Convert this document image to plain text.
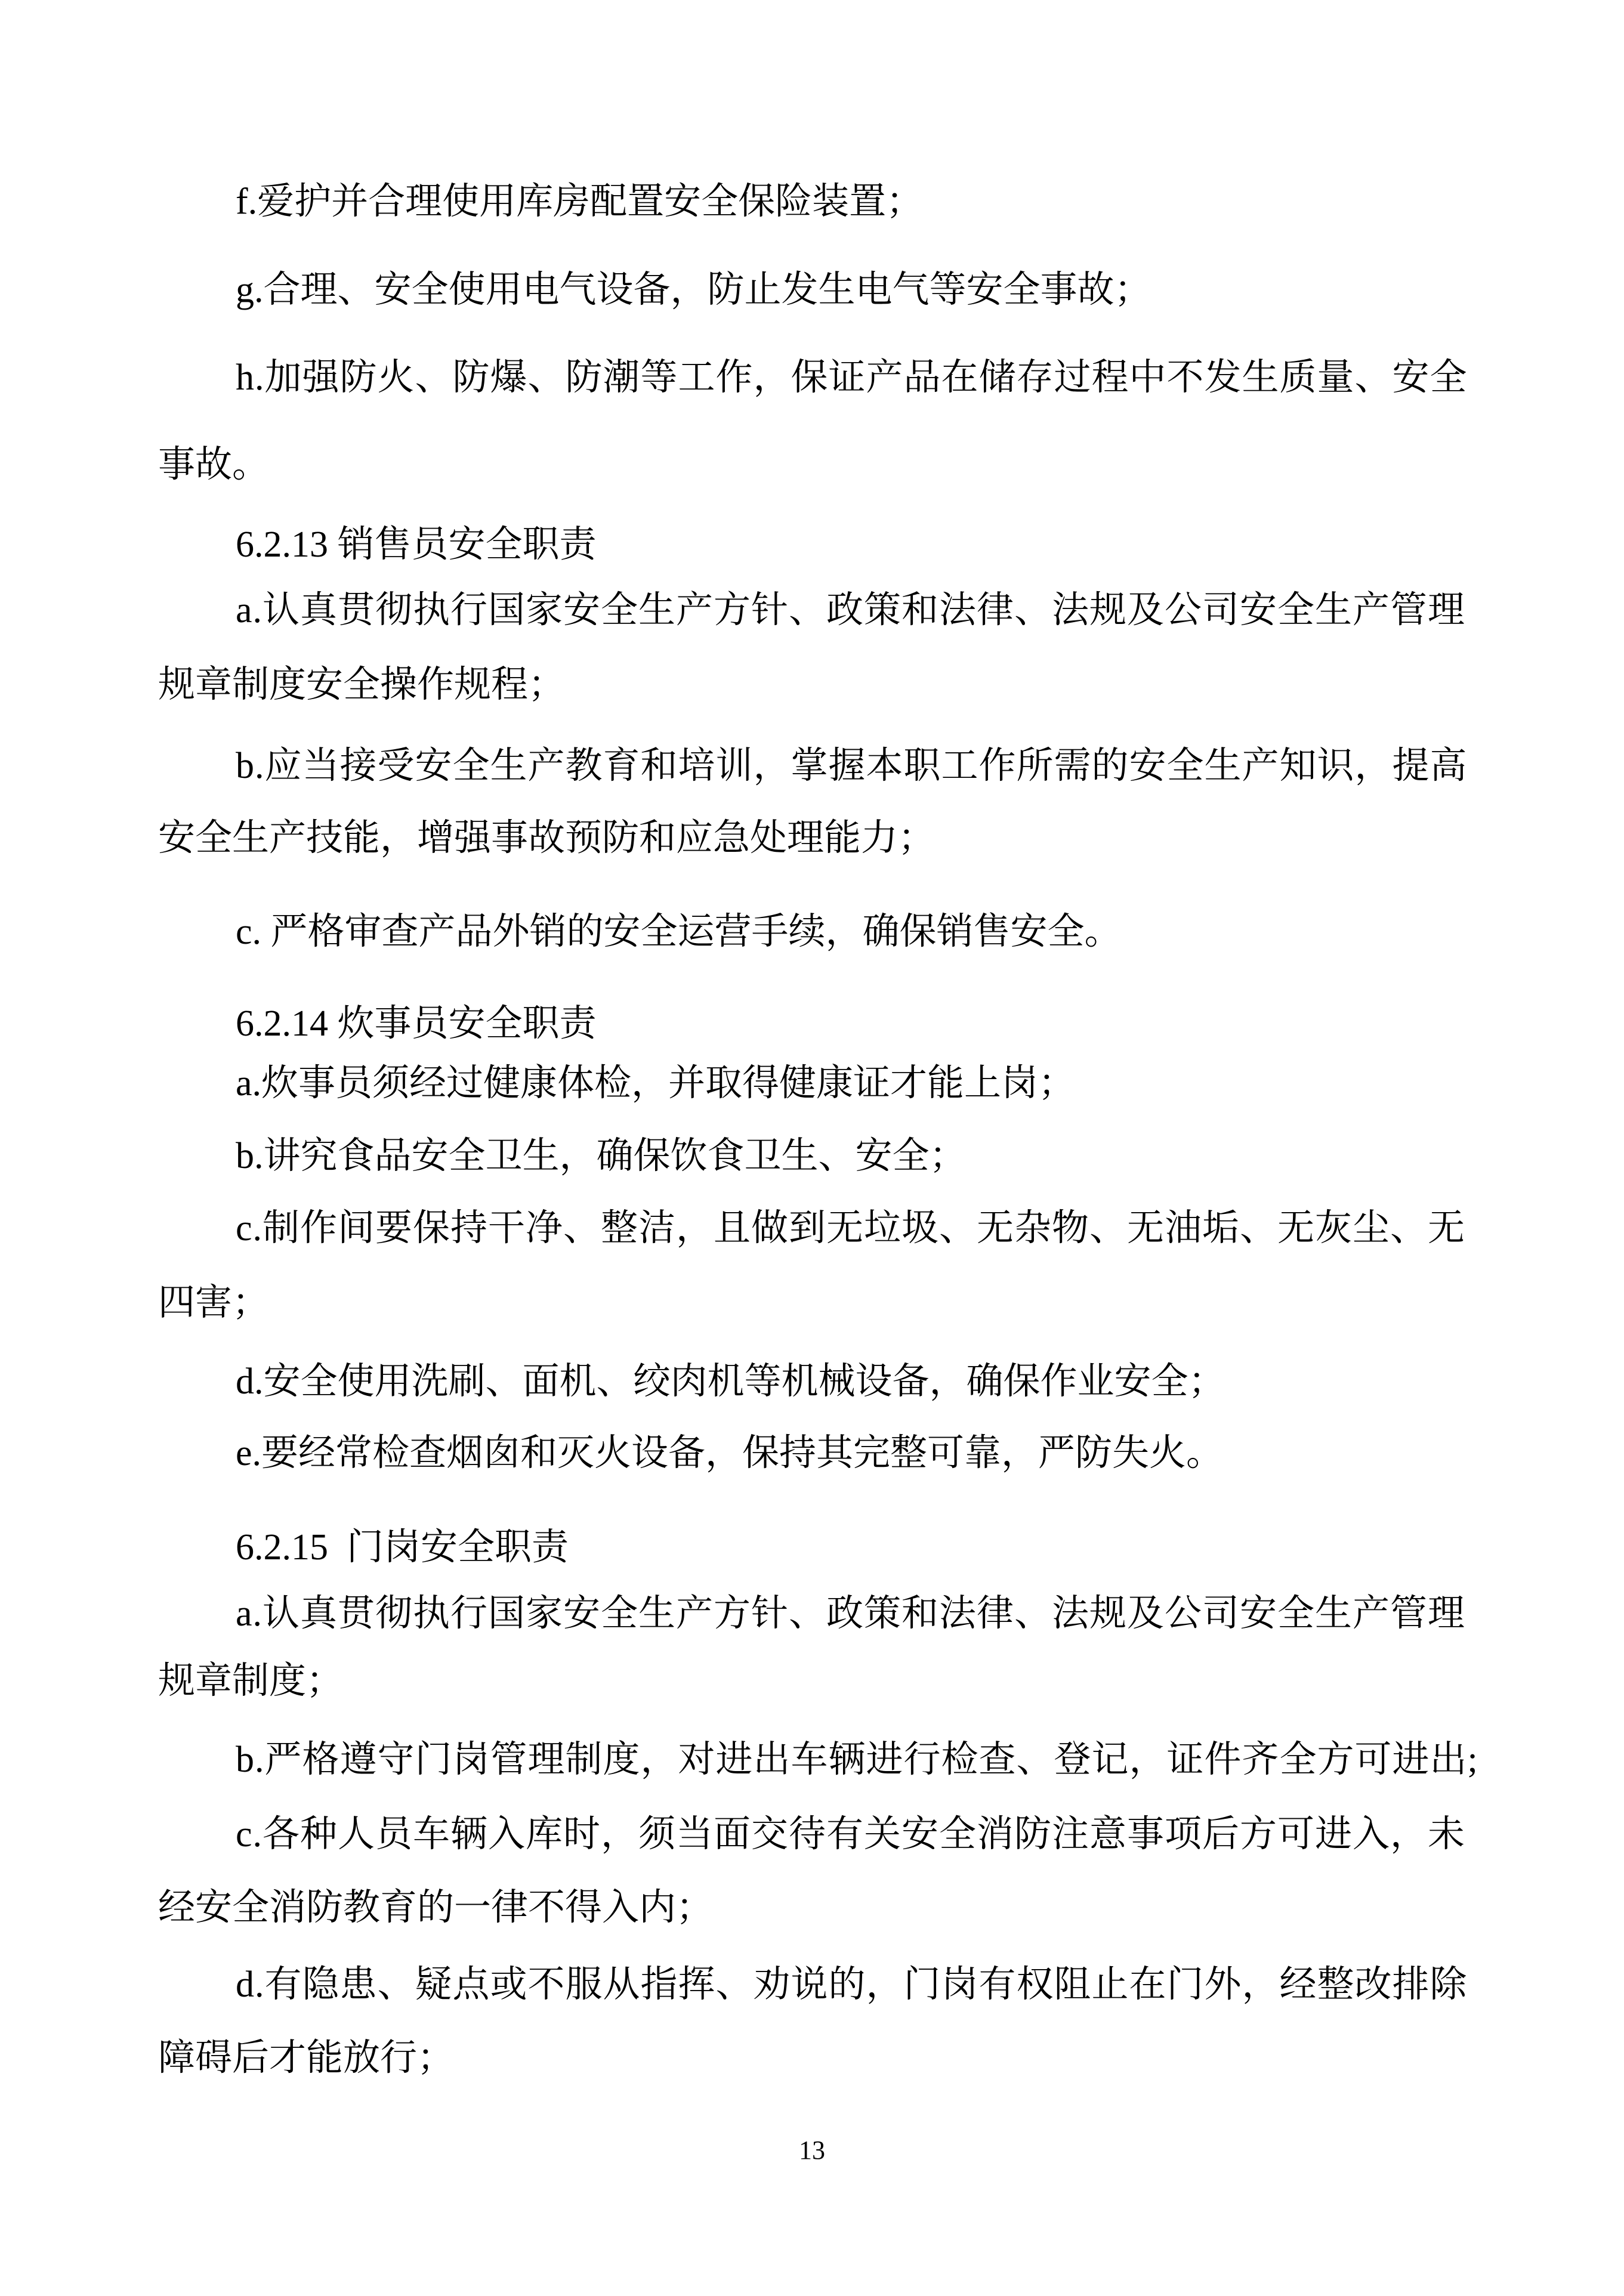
f.爱护并合理使用库房配置安全保险装置；
g.合理、安全使用电气设备，防止发生电气等安全事故；
h.加强防火、防爆、防潮等工作，保证产品在储存过程中不发生质量、安全
事故。
6.2.13 销售员安全职责
a.认真贯彻执行国家安全生产方针、政策和法律、法规及公司安全生产管理
规章制度安全操作规程；
b.应当接受安全生产教育和培训，掌握本职工作所需的安全生产知识，提高
安全生产技能，增强事故预防和应急处理能力；
c. 严格审查产品外销的安全运营手续，确保销售安全。
6.2.14 炊事员安全职责
a.炊事员须经过健康体检，并取得健康证才能上岗；
b.讲究食品安全卫生，确保饮食卫生、安全；
c.制作间要保持干净、整洁，且做到无垃圾、无杂物、无油垢、无灰尘、无
四害；
d.安全使用洗刷、面机、绞肉机等机械设备，确保作业安全；
e.要经常检查烟囱和灭火设备，保持其完整可靠，严防失火。
6.2.15  门岗安全职责
a.认真贯彻执行国家安全生产方针、政策和法律、法规及公司安全生产管理
规章制度；
b.严格遵守门岗管理制度，对进出车辆进行检查、登记，证件齐全方可进出;
c.各种人员车辆入库时，须当面交待有关安全消防注意事项后方可进入，未
经安全消防教育的一律不得入内；
d.有隐患、疑点或不服从指挥、劝说的，门岗有权阻止在门外，经整改排除
障碍后才能放行；
13
